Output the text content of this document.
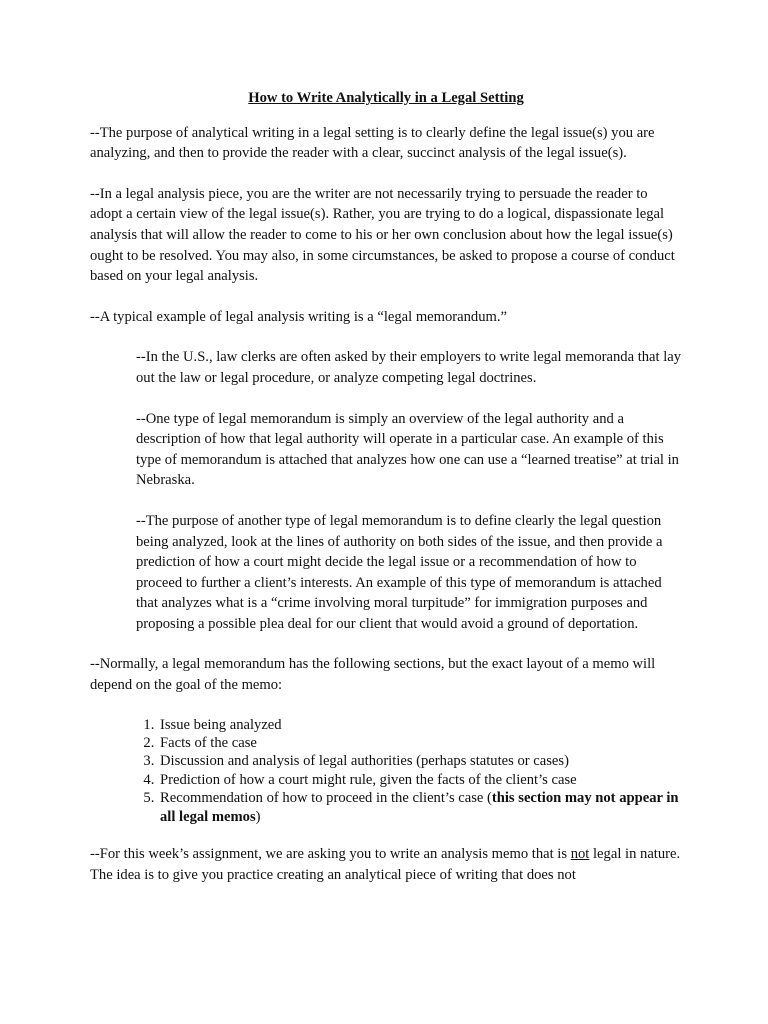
How to Write Analytically in a Legal Setting

--The purpose of analytical writing in a legal setting is to clearly define the legal issue(s) you are analyzing, and then to provide the reader with a clear, succinct analysis of the legal issue(s).

--In a legal analysis piece, you are the writer are not necessarily trying to persuade the reader to adopt a certain view of the legal issue(s). Rather, you are trying to do a logical, dispassionate legal analysis that will allow the reader to come to his or her own conclusion about how the legal issue(s) ought to be resolved. You may also, in some circumstances, be asked to propose a course of conduct based on your legal analysis.

--A typical example of legal analysis writing is a “legal memorandum.”

--In the U.S., law clerks are often asked by their employers to write legal memoranda that lay out the law or legal procedure, or analyze competing legal doctrines.

--One type of legal memorandum is simply an overview of the legal authority and a description of how that legal authority will operate in a particular case. An example of this type of memorandum is attached that analyzes how one can use a “learned treatise” at trial in Nebraska.

--The purpose of another type of legal memorandum is to define clearly the legal question being analyzed, look at the lines of authority on both sides of the issue, and then provide a prediction of how a court might decide the legal issue or a recommendation of how to proceed to further a client’s interests. An example of this type of memorandum is attached that analyzes what is a “crime involving moral turpitude” for immigration purposes and proposing a possible plea deal for our client that would avoid a ground of deportation.

--Normally, a legal memorandum has the following sections, but the exact layout of a memo will depend on the goal of the memo:

1. Issue being analyzed
2. Facts of the case
3. Discussion and analysis of legal authorities (perhaps statutes or cases)
4. Prediction of how a court might rule, given the facts of the client’s case
5. Recommendation of how to proceed in the client’s case (this section may not appear in all legal memos)

--For this week’s assignment, we are asking you to write an analysis memo that is not legal in nature. The idea is to give you practice creating an analytical piece of writing that does not
